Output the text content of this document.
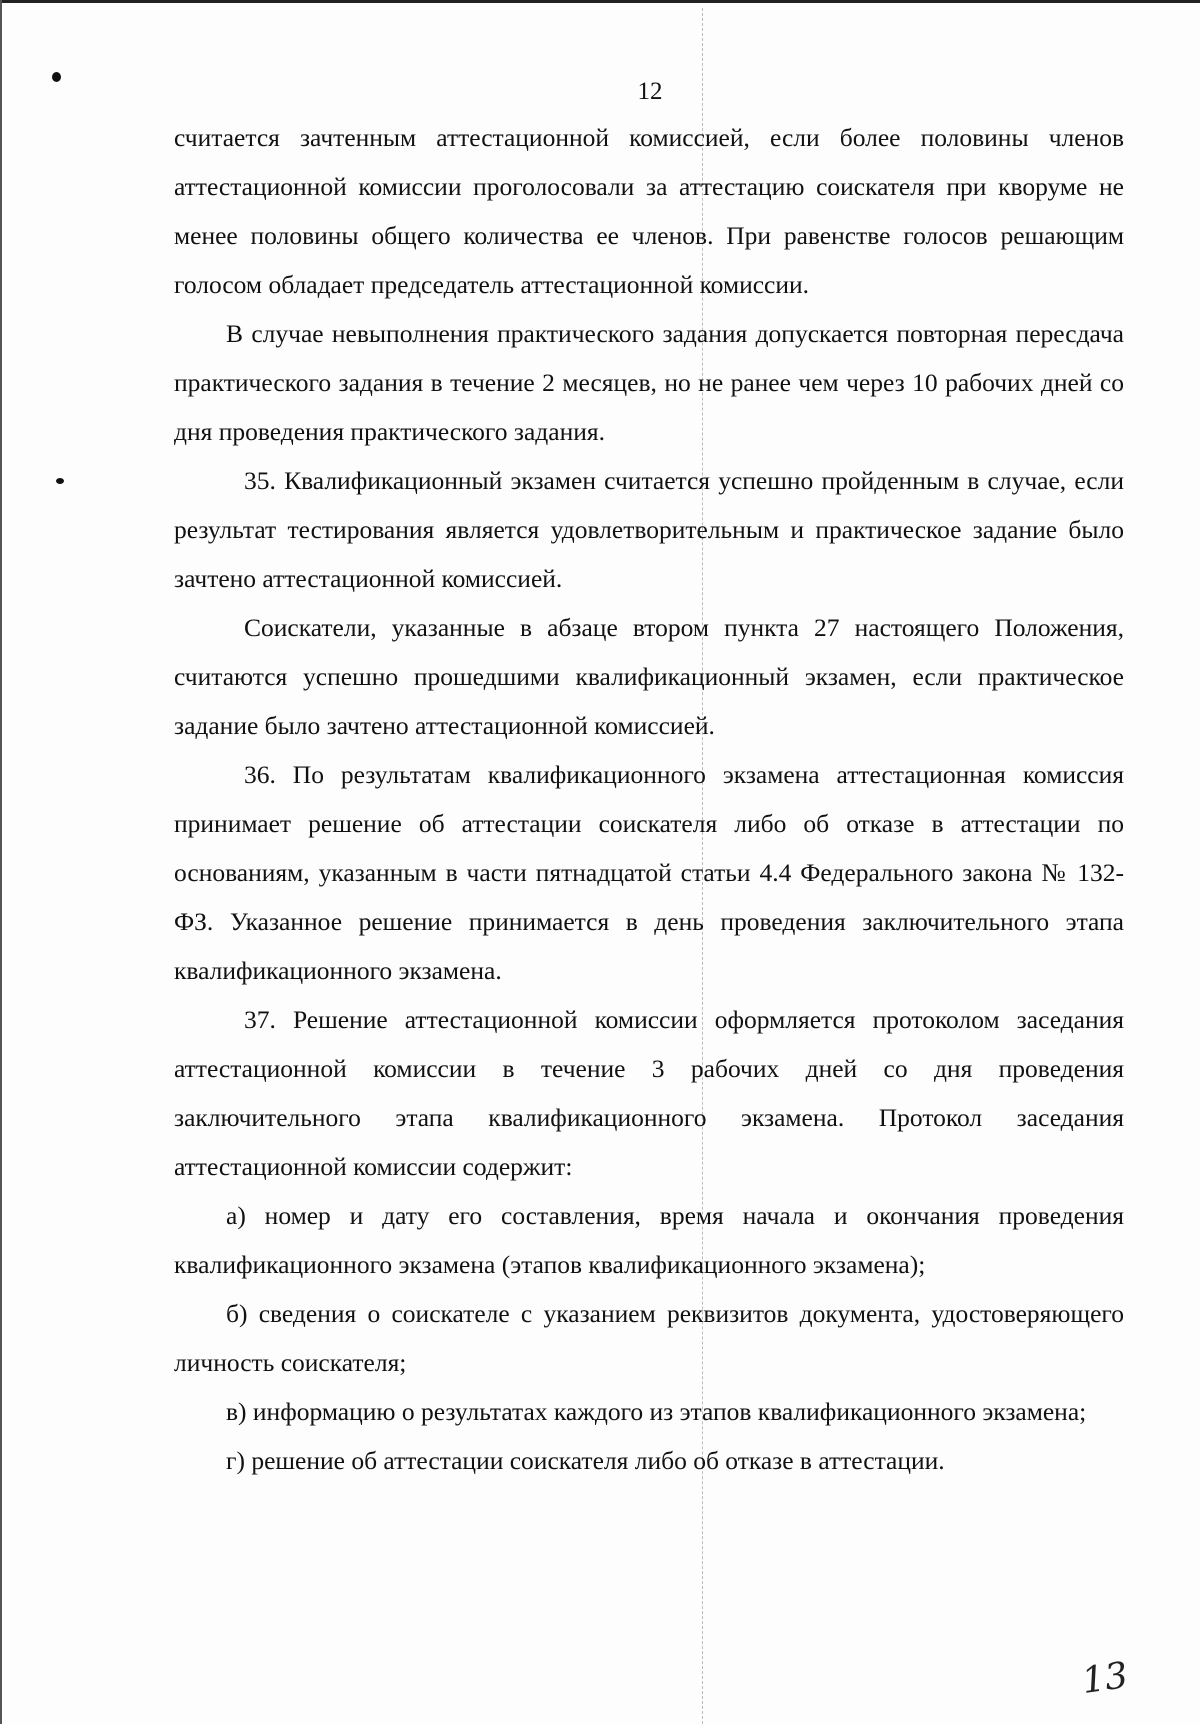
12

считается зачтенным аттестационной комиссией, если более половины членов аттестационной комиссии проголосовали за аттестацию соискателя при кворуме не менее половины общего количества ее членов. При равенстве голосов решающим голосом обладает председатель аттестационной комиссии.

В случае невыполнения практического задания допускается повторная пересдача практического задания в течение 2 месяцев, но не ранее чем через 10 рабочих дней со дня проведения практического задания.

35. Квалификационный экзамен считается успешно пройденным в случае, если результат тестирования является удовлетворительным и практическое задание было зачтено аттестационной комиссией.

Соискатели, указанные в абзаце втором пункта 27 настоящего Положения, считаются успешно прошедшими квалификационный экзамен, если практическое задание было зачтено аттестационной комиссией.

36. По результатам квалификационного экзамена аттестационная комиссия принимает решение об аттестации соискателя либо об отказе в аттестации по основаниям, указанным в части пятнадцатой статьи 4.4 Федерального закона № 132-ФЗ. Указанное решение принимается в день проведения заключительного этапа квалификационного экзамена.

37. Решение аттестационной комиссии оформляется протоколом заседания аттестационной комиссии в течение 3 рабочих дней со дня проведения заключительного этапа квалификационного экзамена. Протокол заседания аттестационной комиссии содержит:

а) номер и дату его составления, время начала и окончания проведения квалификационного экзамена (этапов квалификационного экзамена);

б) сведения о соискателе с указанием реквизитов документа, удостоверяющего личность соискателя;

в) информацию о результатах каждого из этапов квалификационного экзамена;

г) решение об аттестации соискателя либо об отказе в аттестации.

13
